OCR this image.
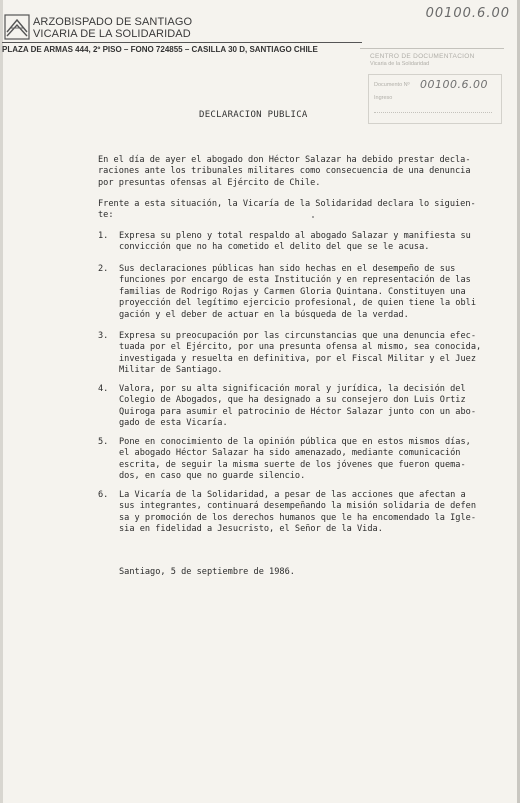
ARZOBISPADO DE SANTIAGO
VICARIA DE LA SOLIDARIDAD
PLAZA DE ARMAS 444, 2º PISO – FONO 724855 – CASILLA 30 D, SANTIAGO CHILE
00100.6.00
CENTRO DE DOCUMENTACION
Vicaria de la Solidaridad
Documento Nº
Ingreso
00100.6.00
DECLARACION PUBLICA

En el día de ayer el abogado don Héctor Salazar ha debido prestar decla-
raciones ante los tribunales militares como consecuencia de una denuncia
por presuntas ofensas al Ejército de Chile.

Frente a esta situación, la Vicaría de la Solidaridad declara lo siguien-
te:

1. Expresa su pleno y total respaldo al abogado Salazar y manifiesta su
convicción que no ha cometido el delito del que se le acusa.
2. Sus declaraciones públicas han sido hechas en el desempeño de sus
funciones por encargo de esta Institución y en representación de las
familias de Rodrigo Rojas y Carmen Gloria Quintana. Constituyen una
proyección del legítimo ejercicio profesional, de quien tiene la obli
gación y el deber de actuar en la búsqueda de la verdad.
3. Expresa su preocupación por las circunstancias que una denuncia efec-
tuada por el Ejército, por una presunta ofensa al mismo, sea conocida,
investigada y resuelta en definitiva, por el Fiscal Militar y el Juez
Militar de Santiago.
4. Valora, por su alta significación moral y jurídica, la decisión del
Colegio de Abogados, que ha designado a su consejero don Luis Ortiz
Quiroga para asumir el patrocinio de Héctor Salazar junto con un abo-
gado de esta Vicaría.
5. Pone en conocimiento de la opinión pública que en estos mismos días,
el abogado Héctor Salazar ha sido amenazado, mediante comunicación
escrita, de seguir la misma suerte de los jóvenes que fueron quema-
dos, en caso que no guarde silencio.
6. La Vicaría de la Solidaridad, a pesar de las acciones que afectan a
sus integrantes, continuará desempeñando la misión solidaria de defen
sa y promoción de los derechos humanos que le ha encomendado la Igle-
sia en fidelidad a Jesucristo, el Señor de la Vida.
Santiago, 5 de septiembre de 1986.
